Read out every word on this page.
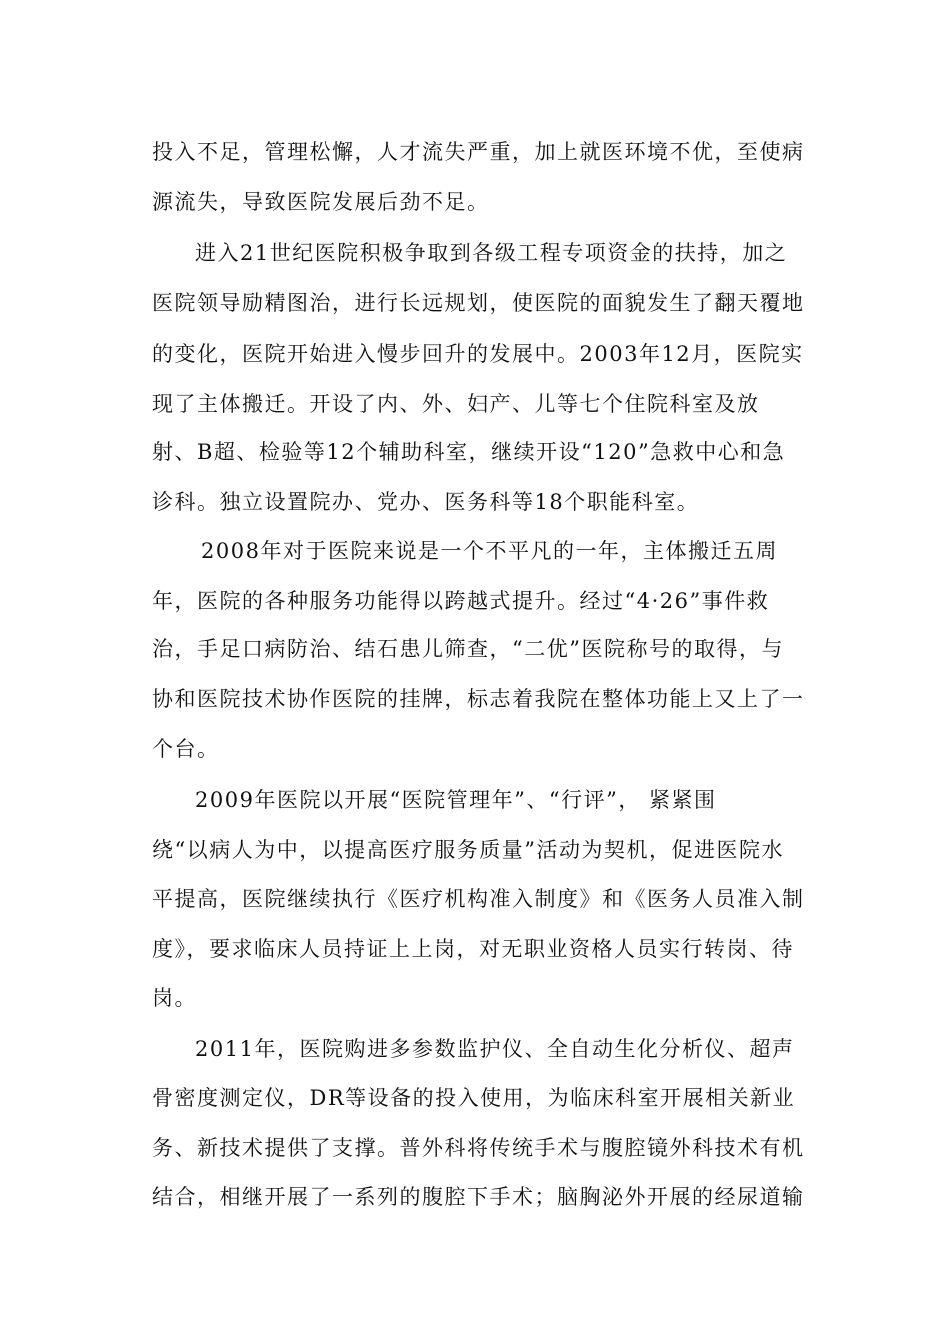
投入不足，管理松懈，人才流失严重，加上就医环境不优，至使病
源流失，导致医院发展后劲不足。
进入21世纪医院积极争取到各级工程专项资金的扶持，加之
医院领导励精图治，进行长远规划，使医院的面貌发生了翻天覆地
的变化，医院开始进入慢步回升的发展中。2003年12月，医院实
现了主体搬迁。开设了内、外、妇产、儿等七个住院科室及放
射、B超、检验等12个辅助科室，继续开设“120”急救中心和急
诊科。独立设置院办、党办、医务科等18个职能科室。
2008年对于医院来说是一个不平凡的一年，主体搬迁五周
年，医院的各种服务功能得以跨越式提升。经过“4·26”事件救
治，手足口病防治、结石患儿筛查，“二优”医院称号的取得，与
协和医院技术协作医院的挂牌，标志着我院在整体功能上又上了一
个台。
2009年医院以开展“医院管理年”、“行评”， 紧紧围
绕“以病人为中，以提高医疗服务质量”活动为契机，促进医院水
平提高，医院继续执行《医疗机构准入制度》和《医务人员准入制
度》，要求临床人员持证上上岗，对无职业资格人员实行转岗、待
岗。
2011年，医院购进多参数监护仪、全自动生化分析仪、超声
骨密度测定仪，DR等设备的投入使用，为临床科室开展相关新业
务、新技术提供了支撑。普外科将传统手术与腹腔镜外科技术有机
结合，相继开展了一系列的腹腔下手术；脑胸泌外开展的经尿道输
